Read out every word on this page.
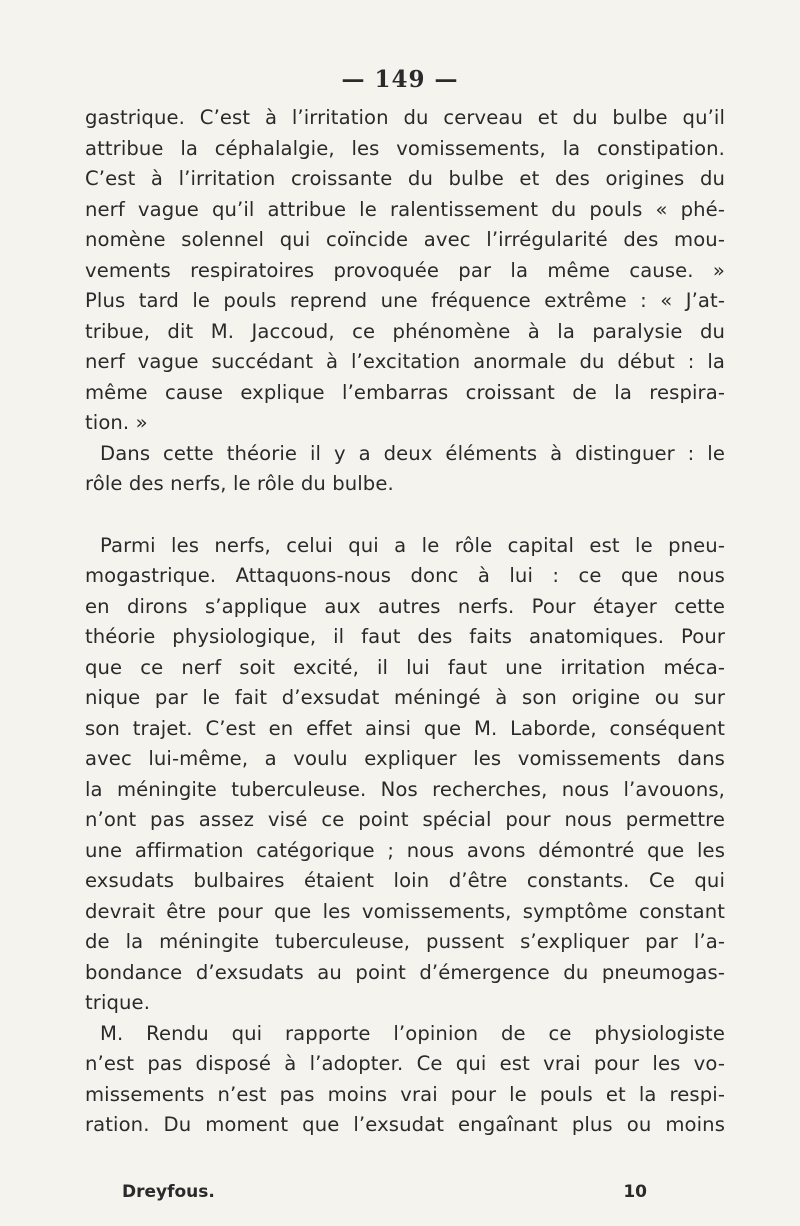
— 149 —
gastrique. C’est à l’irritation du cerveau et du bulbe qu’il
attribue la céphalalgie, les vomissements, la constipation.
C’est à l’irritation croissante du bulbe et des origines du
nerf vague qu’il attribue le ralentissement du pouls « phé-
nomène solennel qui coïncide avec l’irrégularité des mou-
vements respiratoires provoquée par la même cause. »
Plus tard le pouls reprend une fréquence extrême : « J’at-
tribue, dit M. Jaccoud, ce phénomène à la paralysie du
nerf vague succédant à l’excitation anormale du début : la
même cause explique l’embarras croissant de la respira-
tion. »
Dans cette théorie il y a deux éléments à distinguer : le
rôle des nerfs, le rôle du bulbe.
Parmi les nerfs, celui qui a le rôle capital est le pneu-
mogastrique. Attaquons-nous donc à lui : ce que nous
en dirons s’applique aux autres nerfs. Pour étayer cette
théorie physiologique, il faut des faits anatomiques. Pour
que ce nerf soit excité, il lui faut une irritation méca-
nique par le fait d’exsudat méningé à son origine ou sur
son trajet. C’est en effet ainsi que M. Laborde, conséquent
avec lui-même, a voulu expliquer les vomissements dans
la méningite tuberculeuse. Nos recherches, nous l’avouons,
n’ont pas assez visé ce point spécial pour nous permettre
une affirmation catégorique ; nous avons démontré que les
exsudats bulbaires étaient loin d’être constants. Ce qui
devrait être pour que les vomissements, symptôme constant
de la méningite tuberculeuse, pussent s’expliquer par l’a-
bondance d’exsudats au point d’émergence du pneumogas-
trique.
M. Rendu qui rapporte l’opinion de ce physiologiste
n’est pas disposé à l’adopter. Ce qui est vrai pour les vo-
missements n’est pas moins vrai pour le pouls et la respi-
ration. Du moment que l’exsudat engaînant plus ou moins
Dreyfous.	10
